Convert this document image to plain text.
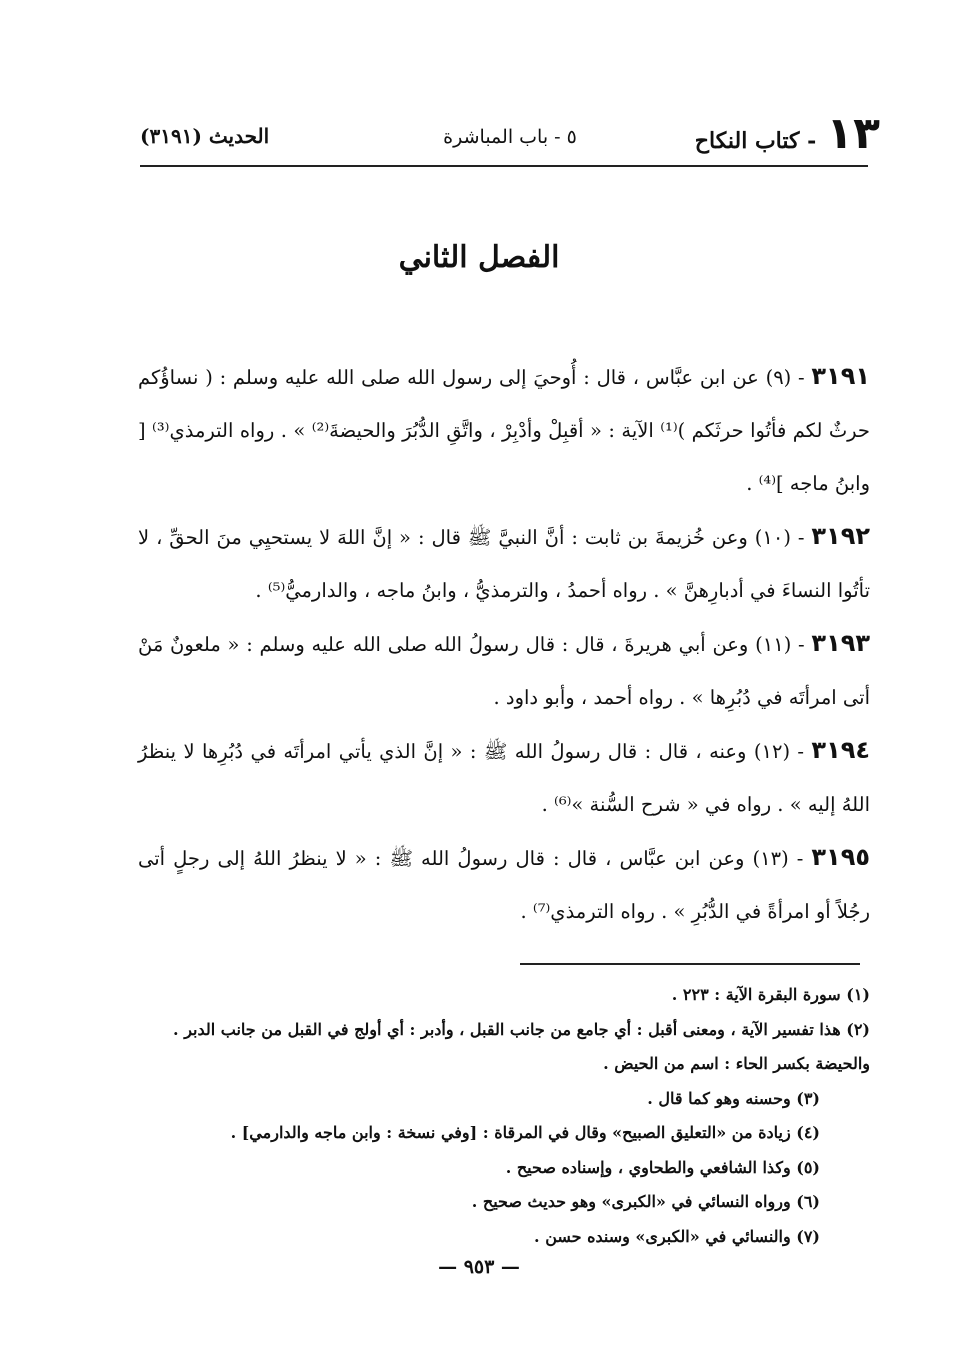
١٣
- كتاب النكاح
٥ - باب المباشرة
الحديث (٣١٩١)
الفصل الثاني

٣١٩١ - (٩) عن ابن عبَّاس ، قال : أُوحيَ إلى رسول الله صلى الله عليه وسلم : ( نساؤُكم حرثٌ لكم فأتُوا حرثَكم )⁽¹⁾ الآية : « أقبِلْ وأدْبِرْ ، واتَّقِ الدُّبُرَ والحيضةَ⁽²⁾ » . رواه الترمذي⁽³⁾ [ وابنُ ماجه ]⁽⁴⁾ .

٣١٩٢ - (١٠) وعن خُزيمةَ بن ثابت : أنَّ النبيَّ ﷺ قال : « إنَّ اللهَ لا يستحيِي منَ الحقِّ ، لا تأتُوا النساءَ في أدبارِهنَّ » . رواه أحمدُ ، والترمذيُّ ، وابنُ ماجه ، والدارميُّ⁽⁵⁾ .

٣١٩٣ - (١١) وعن أبي هريرةَ ، قال : قال رسولُ الله صلى الله عليه وسلم : « ملعونٌ مَنْ أتى امرأتَه في دُبُرِها » . رواه أحمد ، وأبو داود .

٣١٩٤ - (١٢) وعنه ، قال : قال رسولُ الله ﷺ : « إنَّ الذي يأتي امرأتَه في دُبُرِها لا ينظرُ اللهُ إليه » . رواه في « شرح السُّنة »⁽⁶⁾ .

٣١٩٥ - (١٣) وعن ابن عبَّاس ، قال : قال رسولُ الله ﷺ : « لا ينظرُ اللهُ إلى رجلٍ أتى رجُلاً أو امرأةً في الدُّبُرِ » . رواه الترمذي⁽⁷⁾ .

(١) سورة البقرة الآية : ٢٢٣ .

(٢) هذا تفسير الآية ، ومعنى أقبل : أي جامع من جانب القبل ، وأدبر : أي أولج في القبل من جانب الدبر . والحيضة بكسر الحاء : اسم من الحيض .

(٣) وحسنه وهو كما قال .

(٤) زيادة من «التعليق الصبيح» وقال في المرقاة : [وفي نسخة : وابن ماجه والدارمي] .

(٥) وكذا الشافعي والطحاوي ، وإسناده صحيح .

(٦) ورواه النسائي في «الكبرى» وهو حديث صحيح .

(٧) والنسائي في «الكبرى» وسنده حسن .

— ٩٥٣ —
